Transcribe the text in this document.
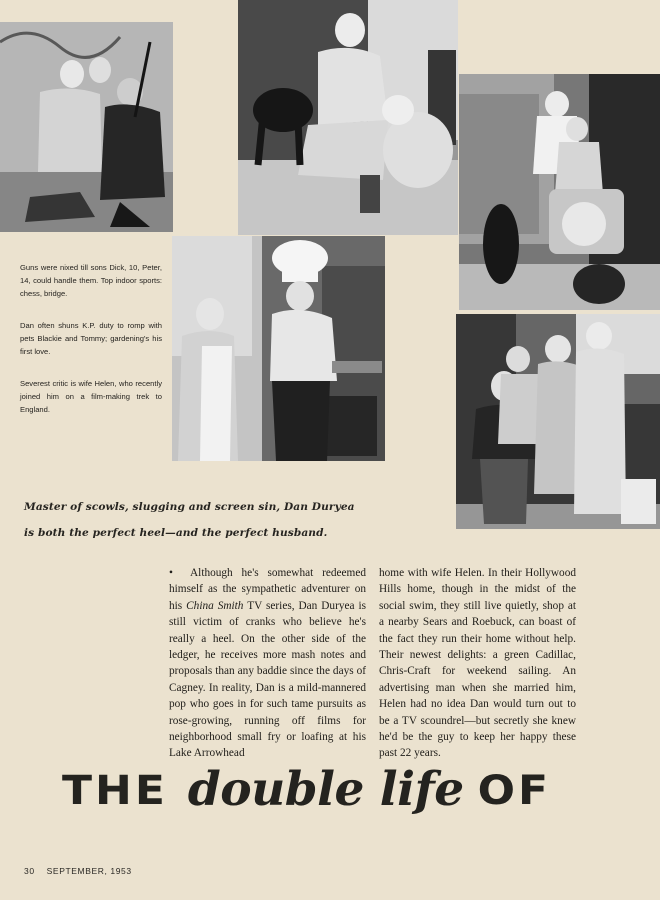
Guns were nixed till sons Dick, 10, Peter, 14, could handle them. Top indoor sports: chess, bridge.
Dan often shuns K.P. duty to romp with pets Blackie and Tommy; gardening's his first love.
Severest critic is wife Helen, who recently joined him on a film-making trek to England.
Master of scowls, slugging and screen sin, Dan Duryea
is both the perfect heel—and the perfect husband.

• Although he's somewhat redeemed himself as the sympathetic adventurer on his China Smith TV series, Dan Duryea is still victim of cranks who believe he's really a heel. On the other side of the ledger, he receives more mash notes and proposals than any baddie since the days of Cagney. In reality, Dan is a mild-mannered pop who goes in for such tame pursuits as rose-growing, running off films for neighborhood small fry or loafing at his Lake Arrowhead

home with wife Helen. In their Hollywood Hills home, though in the midst of the social swim, they still live quietly, shop at a nearby Sears and Roebuck, can boast of the fact they run their home without help. Their newest delights: a green Cadillac, Chris-Craft for weekend sailing. An advertising man when she married him, Helen had no idea Dan would turn out to be a TV scoundrel—but secretly she knew he'd be the guy to keep her happy these past 22 years.

THE double life OF
30 SEPTEMBER, 1953
